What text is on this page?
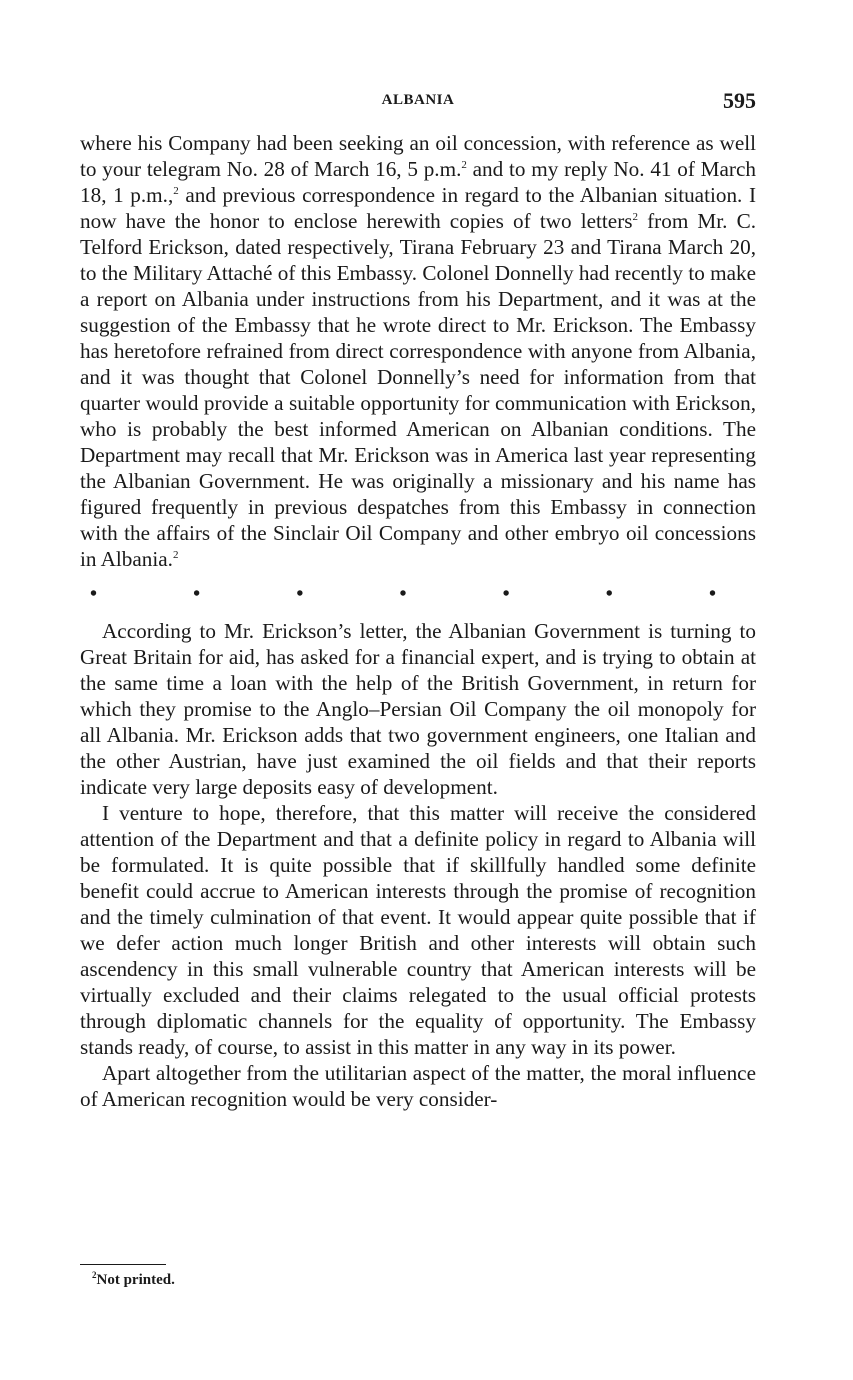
ALBANIA	595

where his Company had been seeking an oil concession, with reference as well to your telegram No. 28 of March 16, 5 p.m.$^2$ and to my reply No. 41 of March 18, 1 p.m.,$^2$ and previous correspondence in regard to the Albanian situation. I now have the honor to enclose herewith copies of two letters$^2$ from Mr. C. Telford Erickson, dated respectively, Tirana February 23 and Tirana March 20, to the Military Attaché of this Embassy. Colonel Donnelly had recently to make a report on Albania under instructions from his Department, and it was at the suggestion of the Embassy that he wrote direct to Mr. Erickson. The Embassy has heretofore refrained from direct correspondence with anyone from Albania, and it was thought that Colonel Donnelly’s need for information from that quarter would provide a suitable opportunity for communication with Erickson, who is probably the best informed American on Albanian conditions. The Department may recall that Mr. Erickson was in America last year representing the Albanian Government. He was originally a missionary and his name has figured frequently in previous despatches from this Embassy in connection with the affairs of the Sinclair Oil Company and other embryo oil concessions in Albania.$^2$

•	•	•	•	•	•	•

According to Mr. Erickson’s letter, the Albanian Government is turning to Great Britain for aid, has asked for a financial expert, and is trying to obtain at the same time a loan with the help of the British Government, in return for which they promise to the Anglo–Persian Oil Company the oil monopoly for all Albania. Mr. Erickson adds that two government engineers, one Italian and the other Austrian, have just examined the oil fields and that their reports indicate very large deposits easy of development.

I venture to hope, therefore, that this matter will receive the considered attention of the Department and that a definite policy in regard to Albania will be formulated. It is quite possible that if skillfully handled some definite benefit could accrue to American interests through the promise of recognition and the timely culmination of that event. It would appear quite possible that if we defer action much longer British and other interests will obtain such ascendency in this small vulnerable country that American interests will be virtually excluded and their claims relegated to the usual official protests through diplomatic channels for the equality of opportunity. The Embassy stands ready, of course, to assist in this matter in any way in its power.

Apart altogether from the utilitarian aspect of the matter, the moral influence of American recognition would be very consider-

$^2$Not printed.
